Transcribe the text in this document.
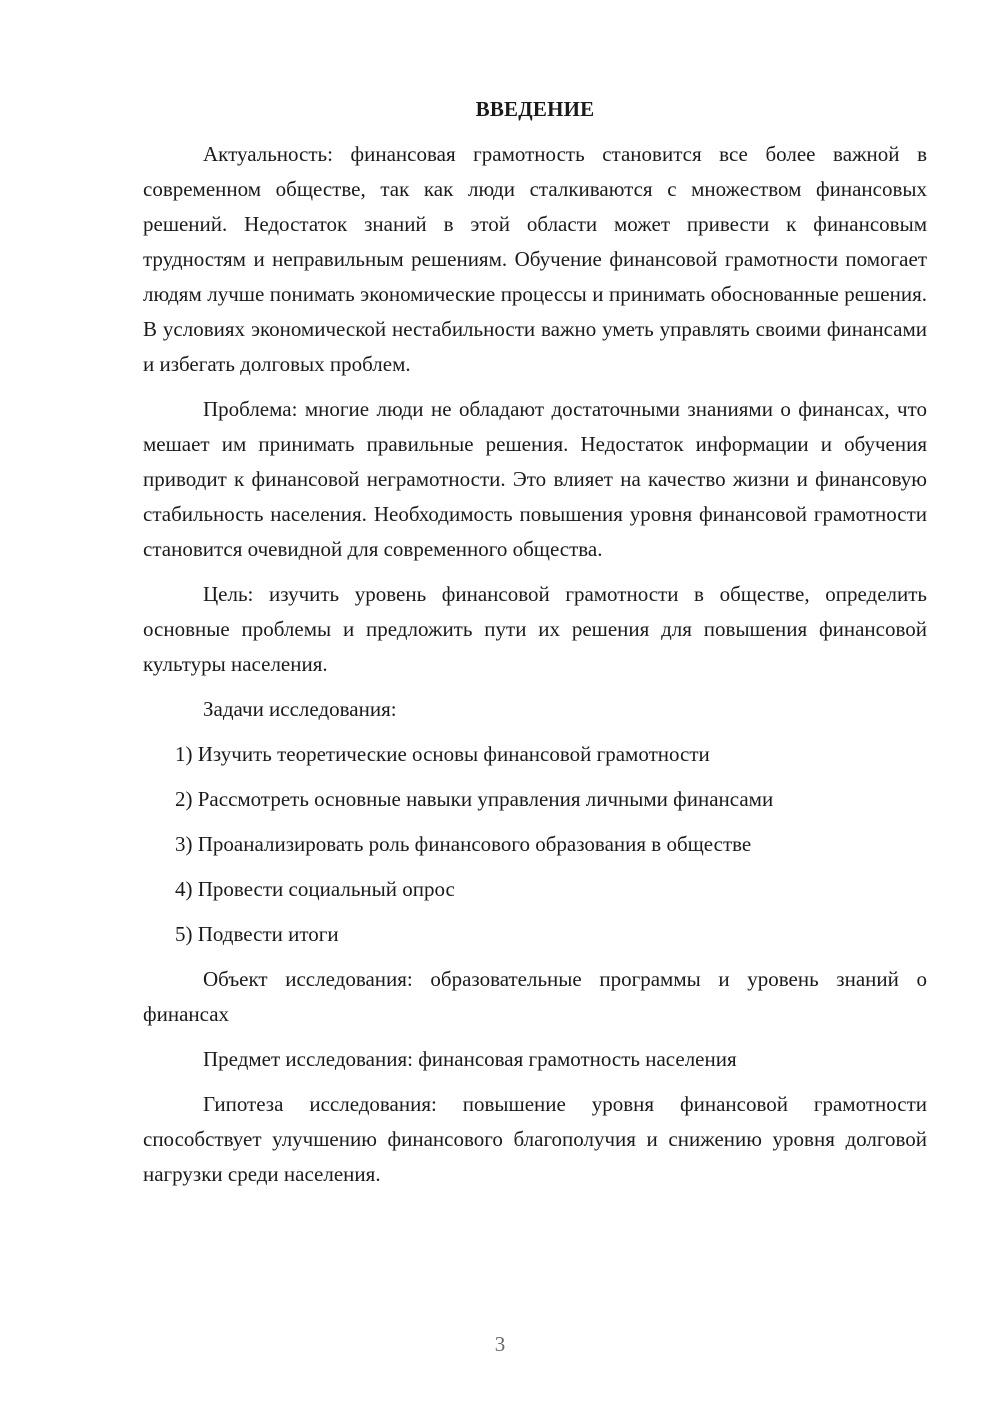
ВВЕДЕНИЕ

Актуальность: финансовая грамотность становится все более важной в современном обществе, так как люди сталкиваются с множеством финансовых решений. Недостаток знаний в этой области может привести к финансовым трудностям и неправильным решениям. Обучение финансовой грамотности помогает людям лучше понимать экономические процессы и принимать обоснованные решения. В условиях экономической нестабильности важно уметь управлять своими финансами и избегать долговых проблем.

Проблема: многие люди не обладают достаточными знаниями о финансах, что мешает им принимать правильные решения. Недостаток информации и обучения приводит к финансовой неграмотности. Это влияет на качество жизни и финансовую стабильность населения. Необходимость повышения уровня финансовой грамотности становится очевидной для современного общества.

Цель: изучить уровень финансовой грамотности в обществе, определить основные проблемы и предложить пути их решения для повышения финансовой культуры населения.

Задачи исследования:

1) Изучить теоретические основы финансовой грамотности
2) Рассмотреть основные навыки управления личными финансами
3) Проанализировать роль финансового образования в обществе
4) Провести социальный опрос
5) Подвести итоги

Объект исследования: образовательные программы и уровень знаний о финансах

Предмет исследования: финансовая грамотность населения

Гипотеза исследования: повышение уровня финансовой грамотности способствует улучшению финансового благополучия и снижению уровня долговой нагрузки среди населения.

3
